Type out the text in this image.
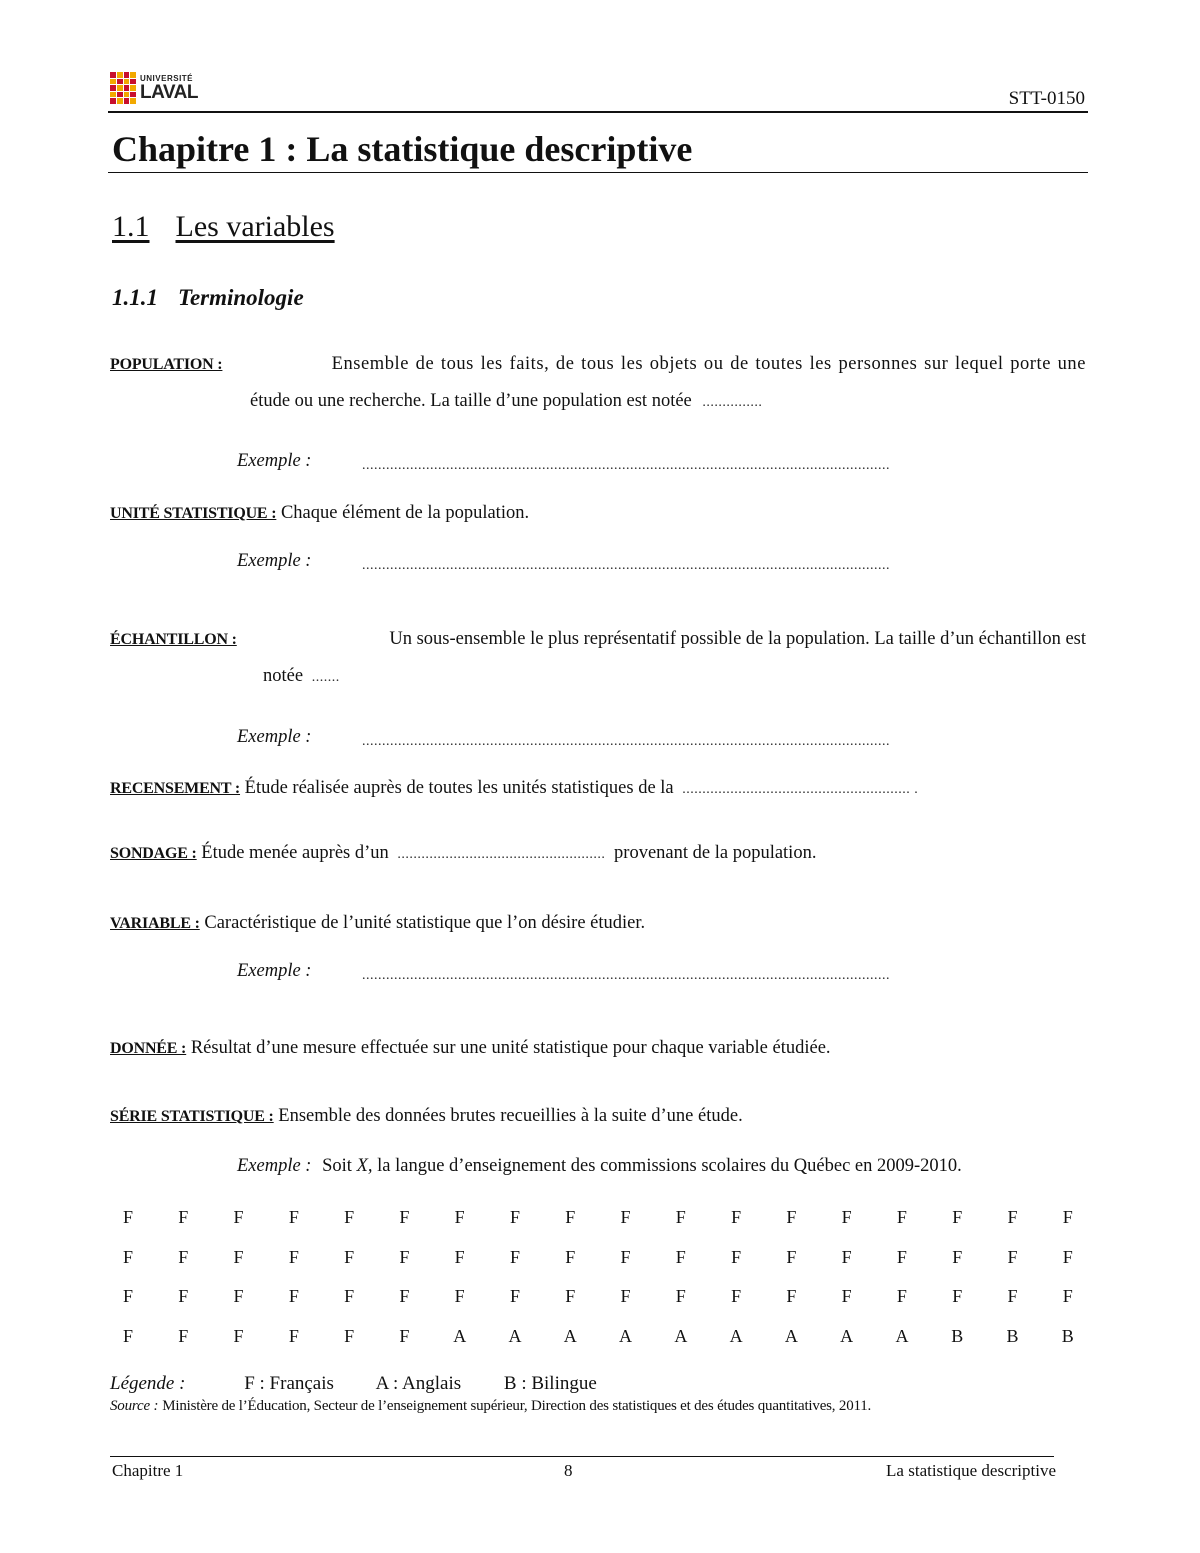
UNIVERSITÉ
LAVAL	STT-0150
Chapitre 1 : La statistique descriptive
1.1 Les variables
1.1.1 Terminologie
POPULATION :	Ensemble de tous les faits, de tous les objets ou de toutes les personnes sur lequel porte une
étude ou une recherche. La taille d’une population est notée ...............
Exemple :	....................................................................................................................................
UNITÉ STATISTIQUE : Chaque élément de la population.
Exemple :	....................................................................................................................................
ÉCHANTILLON :	Un sous-ensemble le plus représentatif possible de la population. La taille d’un échantillon est
notée .......
Exemple :	....................................................................................................................................
RECENSEMENT : Étude réalisée auprès de toutes les unités statistiques de la ......................................................... .
SONDAGE : Étude menée auprès d’un .................................................... provenant de la population.
VARIABLE : Caractéristique de l’unité statistique que l’on désire étudier.
Exemple :	....................................................................................................................................
DONNÉE : Résultat d’une mesure effectuée sur une unité statistique pour chaque variable étudiée.
SÉRIE STATISTIQUE : Ensemble des données brutes recueillies à la suite d’une étude.
Exemple : Soit X, la langue d’enseignement des commissions scolaires du Québec en 2009-2010.
F	F	F	F	F	F	F	F	F	F	F	F	F	F	F	F	F	F
F	F	F	F	F	F	F	F	F	F	F	F	F	F	F	F	F	F
F	F	F	F	F	F	F	F	F	F	F	F	F	F	F	F	F	F
F	F	F	F	F	F	A	A	A	A	A	A	A	A	A	B	B	B
Légende :	F : Français A : Anglais B : Bilingue
Source : Ministère de l’Éducation, Secteur de l’enseignement supérieur, Direction des statistiques et des études quantitatives, 2011.
Chapitre 1	8	La statistique descriptive
